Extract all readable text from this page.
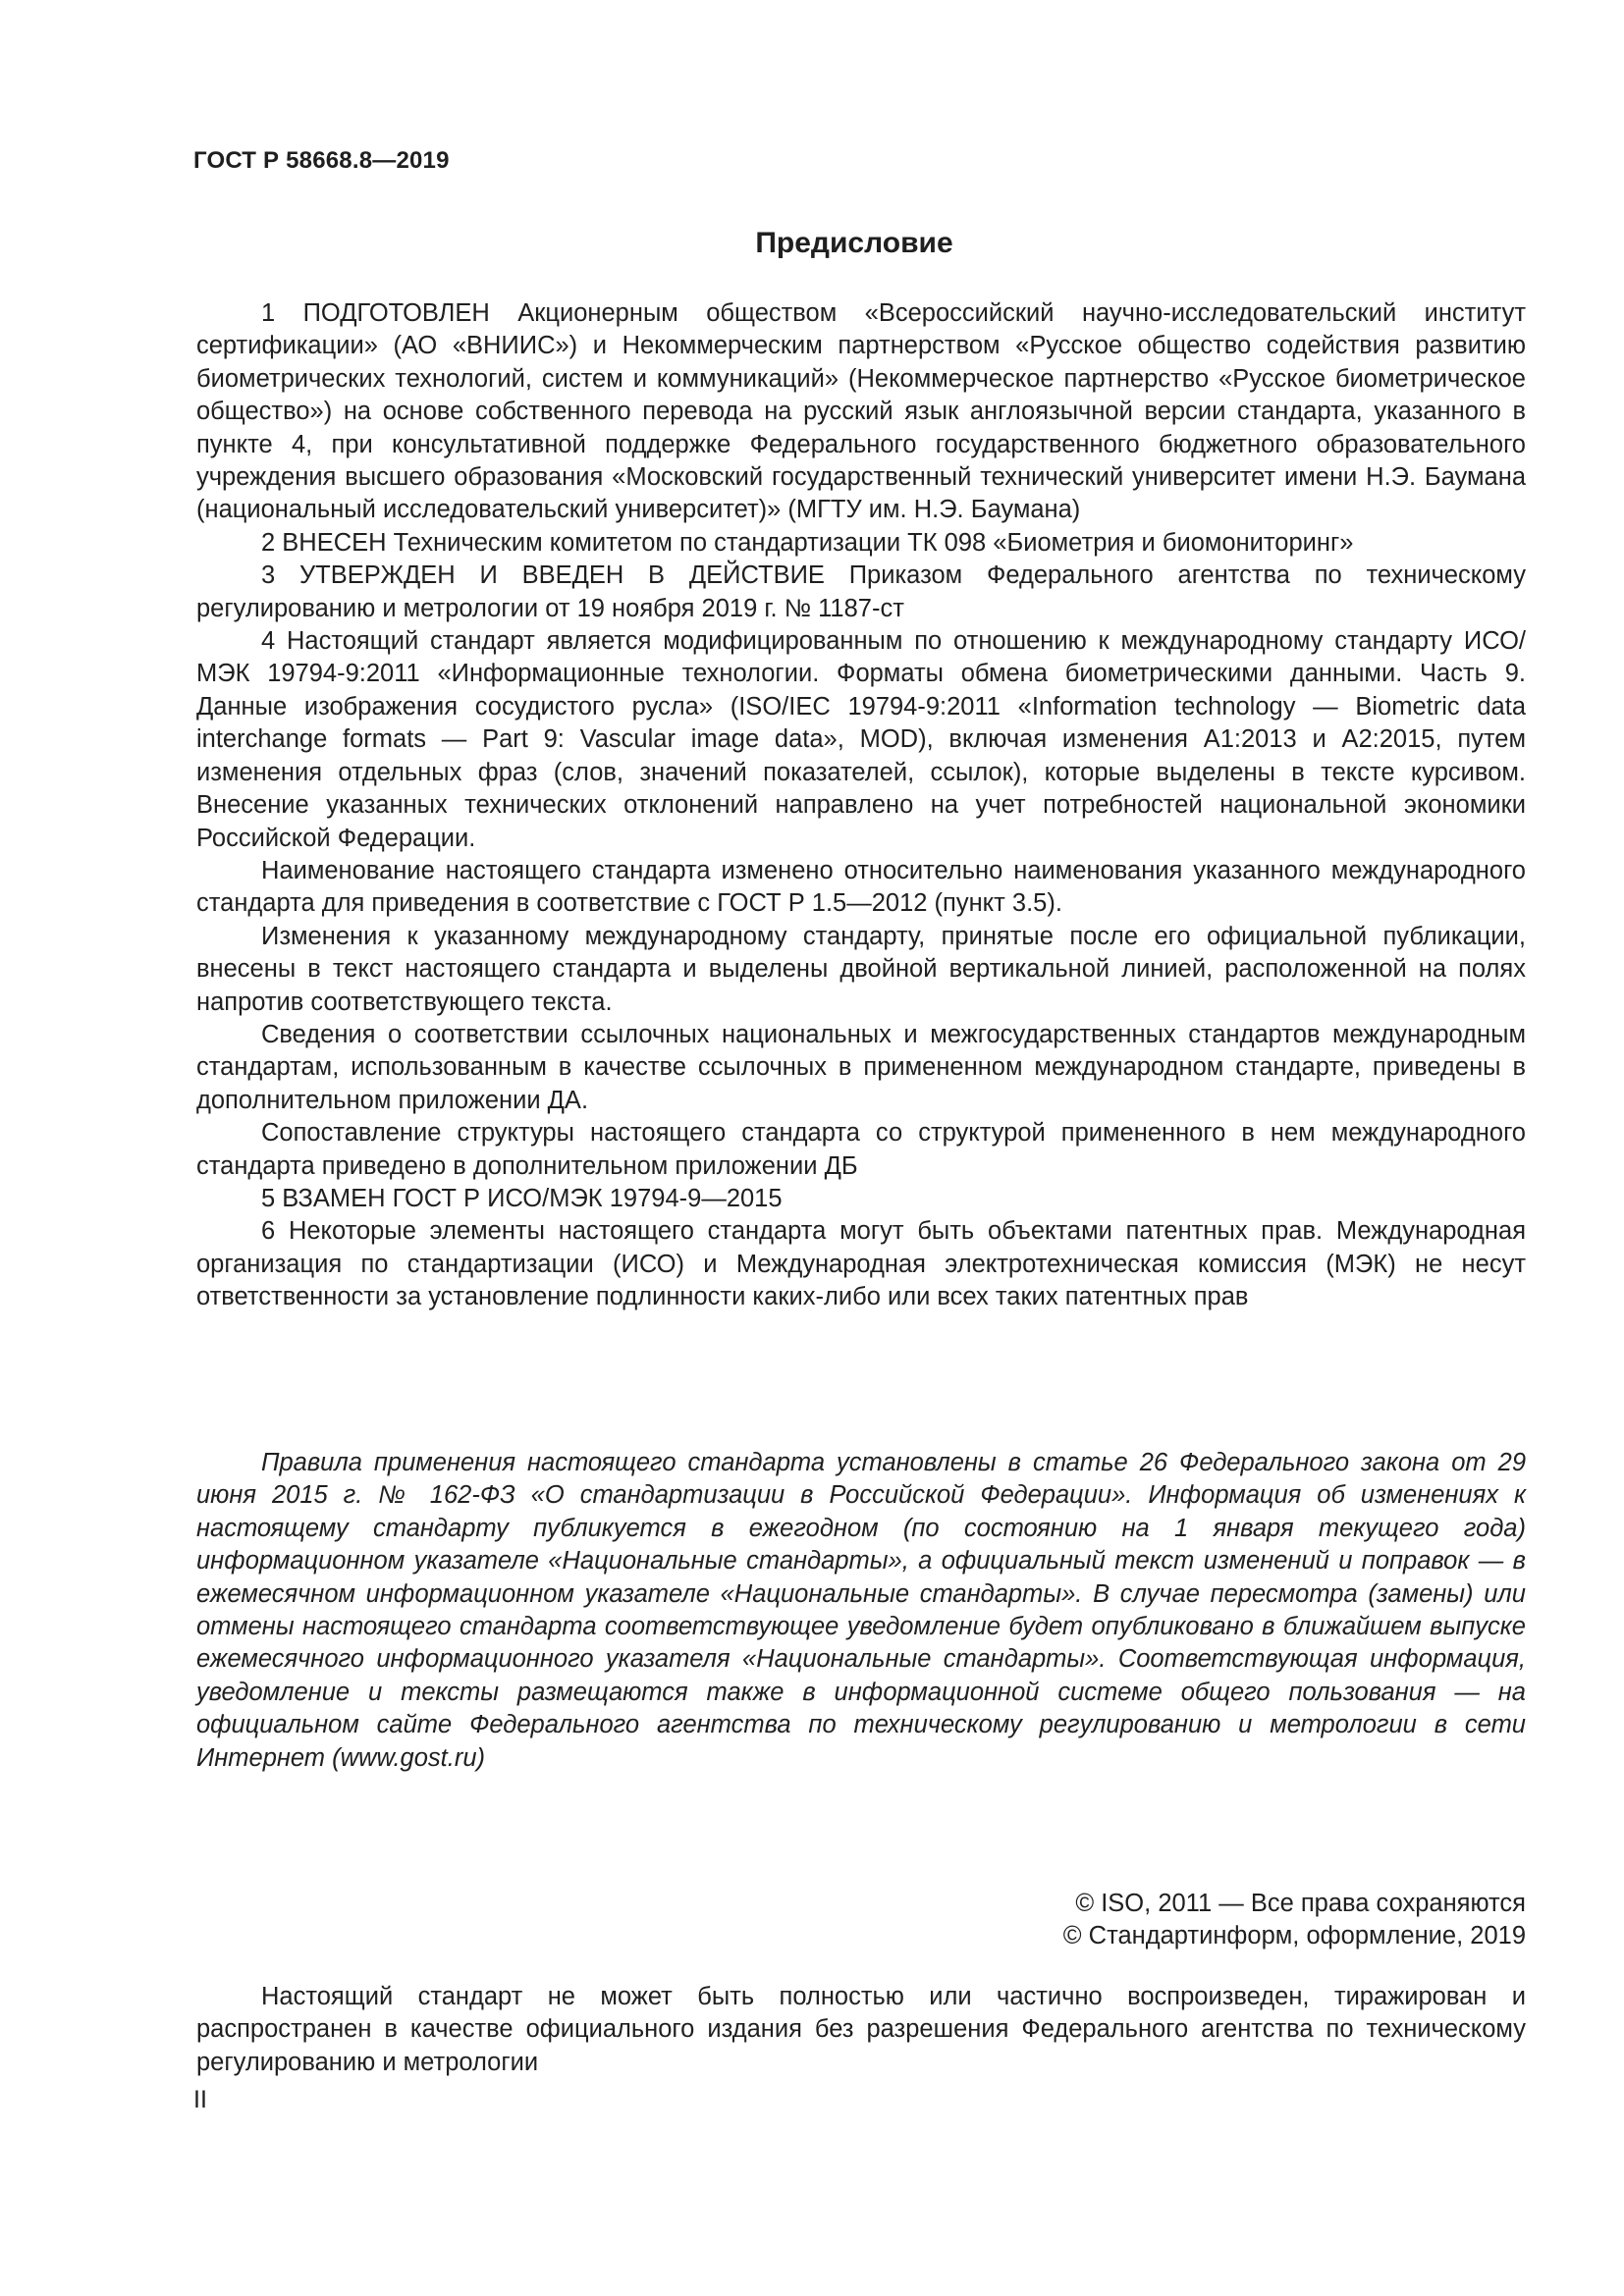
ГОСТ Р 58668.8—2019
Предисловие

1 ПОДГОТОВЛЕН Акционерным обществом «Всероссийский научно-исследовательский институт сертификации» (АО «ВНИИС») и Некоммерческим партнерством «Русское общество содействия развитию биометрических технологий, систем и коммуникаций» (Некоммерческое партнерство «Русское биометрическое общество») на основе собственного перевода на русский язык англоязычной версии стандарта, указанного в пункте 4, при консультативной поддержке Федерального государственного бюджетного образовательного учреждения высшего образования «Московский государственный технический университет имени Н.Э. Баумана (национальный исследовательский университет)» (МГТУ им. Н.Э. Баумана)

2 ВНЕСЕН Техническим комитетом по стандартизации ТК 098 «Биометрия и биомониторинг»

3 УТВЕРЖДЕН И ВВЕДЕН В ДЕЙСТВИЕ Приказом Федерального агентства по техническому регулированию и метрологии от 19 ноября 2019 г. № 1187-ст

4 Настоящий стандарт является модифицированным по отношению к международному стандарту ИСО/МЭК 19794-9:2011 «Информационные технологии. Форматы обмена биометрическими данными. Часть 9. Данные изображения сосудистого русла» (ISO/IEC 19794-9:2011 «Information technology — Biometric data interchange formats — Part 9: Vascular image data», MOD), включая изменения A1:2013 и A2:2015, путем изменения отдельных фраз (слов, значений показателей, ссылок), которые выделены в тексте курсивом. Внесение указанных технических отклонений направлено на учет потребностей национальной экономики Российской Федерации.

Наименование настоящего стандарта изменено относительно наименования указанного международного стандарта для приведения в соответствие с ГОСТ Р 1.5—2012 (пункт 3.5).

Изменения к указанному международному стандарту, принятые после его официальной публикации, внесены в текст настоящего стандарта и выделены двойной вертикальной линией, расположенной на полях напротив соответствующего текста.

Сведения о соответствии ссылочных национальных и межгосударственных стандартов международным стандартам, использованным в качестве ссылочных в примененном международном стандарте, приведены в дополнительном приложении ДА.

Сопоставление структуры настоящего стандарта со структурой примененного в нем международного стандарта приведено в дополнительном приложении ДБ

5 ВЗАМЕН ГОСТ Р ИСО/МЭК 19794-9—2015

6 Некоторые элементы настоящего стандарта могут быть объектами патентных прав. Международная организация по стандартизации (ИСО) и Международная электротехническая комиссия (МЭК) не несут ответственности за установление подлинности каких-либо или всех таких патентных прав

Правила применения настоящего стандарта установлены в статье 26 Федерального закона от 29 июня 2015 г. № 162-ФЗ «О стандартизации в Российской Федерации». Информация об изменениях к настоящему стандарту публикуется в ежегодном (по состоянию на 1 января текущего года) информационном указателе «Национальные стандарты», а официальный текст изменений и поправок — в ежемесячном информационном указателе «Национальные стандарты». В случае пересмотра (замены) или отмены настоящего стандарта соответствующее уведомление будет опубликовано в ближайшем выпуске ежемесячного информационного указателя «Национальные стандарты». Соответствующая информация, уведомление и тексты размещаются также в информационной системе общего пользования — на официальном сайте Федерального агентства по техническому регулированию и метрологии в сети Интернет (www.gost.ru)

© ISO, 2011 — Все права сохраняются
© Стандартинформ, оформление, 2019

Настоящий стандарт не может быть полностью или частично воспроизведен, тиражирован и распространен в качестве официального издания без разрешения Федерального агентства по техническому регулированию и метрологии

II
